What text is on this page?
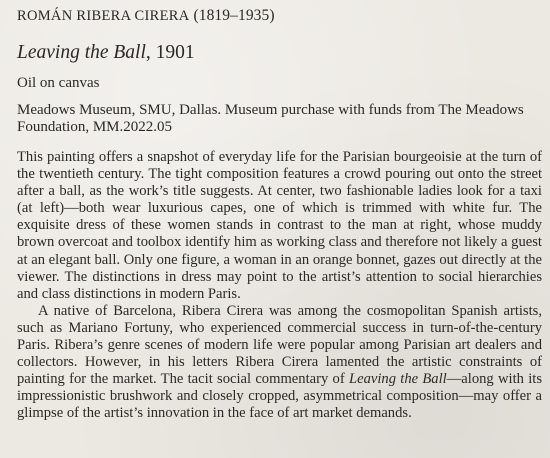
ROMÁN RIBERA CIRERA (1819–1935)

Leaving the Ball, 1901

Oil on canvas

Meadows Museum, SMU, Dallas. Museum purchase with funds from The Meadows
Foundation, MM.2022.05

This painting offers a snapshot of everyday life for the Parisian bourgeoisie at the turn of the twentieth century. The tight composition features a crowd pouring out onto the street after a ball, as the work’s title suggests. At center, two fashionable ladies look for a taxi (at left)—both wear luxurious capes, one of which is trimmed with white fur. The exquisite dress of these women stands in contrast to the man at right, whose muddy brown overcoat and toolbox identify him as working class and therefore not likely a guest at an elegant ball. Only one figure, a woman in an orange bonnet, gazes out directly at the viewer. The distinctions in dress may point to the artist’s attention to social hierarchies and class distinctions in modern Paris.

A native of Barcelona, Ribera Cirera was among the cosmopolitan Spanish artists, such as Mariano Fortuny, who experienced commercial success in turn-of-the-century Paris. Ribera’s genre scenes of modern life were popular among Parisian art dealers and collectors. However, in his letters Ribera Cirera lamented the artistic constraints of painting for the market. The tacit social commentary of Leaving the Ball—along with its impressionistic brushwork and closely cropped, asymmetrical composition—may offer a glimpse of the artist’s innovation in the face of art market demands.
